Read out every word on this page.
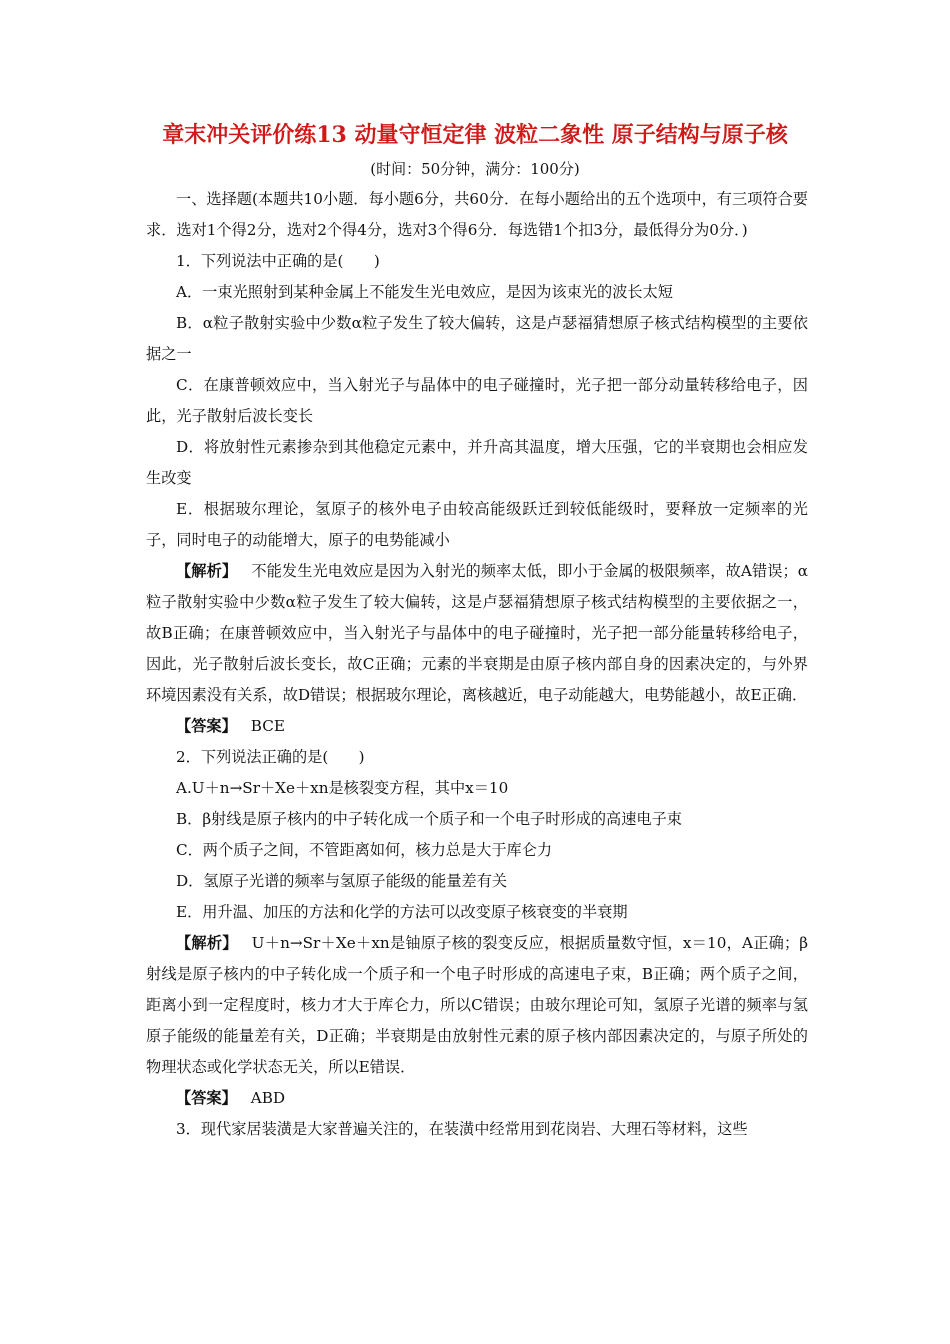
章末冲关评价练13 动量守恒定律 波粒二象性 原子结构与原子核
(时间：50分钟，满分：100分)

一、选择题(本题共10小题．每小题6分，共60分．在每小题给出的五个选项中，有三项符合要求．选对1个得2分，选对2个得4分，选对3个得6分．每选错1个扣3分，最低得分为0分．)

1．下列说法中正确的是(　　)

A．一束光照射到某种金属上不能发生光电效应，是因为该束光的波长太短

B．α粒子散射实验中少数α粒子发生了较大偏转，这是卢瑟福猜想原子核式结构模型的主要依据之一

C．在康普顿效应中，当入射光子与晶体中的电子碰撞时，光子把一部分动量转移给电子，因此，光子散射后波长变长

D．将放射性元素掺杂到其他稳定元素中，并升高其温度，增大压强，它的半衰期也会相应发生改变

E．根据玻尔理论，氢原子的核外电子由较高能级跃迁到较低能级时，要释放一定频率的光子，同时电子的动能增大，原子的电势能减小

【解析】 不能发生光电效应是因为入射光的频率太低，即小于金属的极限频率，故A错误；α粒子散射实验中少数α粒子发生了较大偏转，这是卢瑟福猜想原子核式结构模型的主要依据之一，故B正确；在康普顿效应中，当入射光子与晶体中的电子碰撞时，光子把一部分能量转移给电子，因此，光子散射后波长变长，故C正确；元素的半衰期是由原子核内部自身的因素决定的，与外界环境因素没有关系，故D错误；根据玻尔理论，离核越近，电子动能越大，电势能越小，故E正确．

【答案】 BCE

2．下列说法正确的是(　　)

A.U＋n→Sr＋Xe＋xn是核裂变方程，其中x＝10

B．β射线是原子核内的中子转化成一个质子和一个电子时形成的高速电子束

C．两个质子之间，不管距离如何，核力总是大于库仑力

D．氢原子光谱的频率与氢原子能级的能量差有关

E．用升温、加压的方法和化学的方法可以改变原子核衰变的半衰期

【解析】 U＋n→Sr＋Xe＋xn是铀原子核的裂变反应，根据质量数守恒，x＝10，A正确；β射线是原子核内的中子转化成一个质子和一个电子时形成的高速电子束，B正确；两个质子之间，距离小到一定程度时，核力才大于库仑力，所以C错误；由玻尔理论可知，氢原子光谱的频率与氢原子能级的能量差有关，D正确；半衰期是由放射性元素的原子核内部因素决定的，与原子所处的物理状态或化学状态无关，所以E错误．

【答案】 ABD

3．现代家居装潢是大家普遍关注的，在装潢中经常用到花岗岩、大理石等材料，这些
